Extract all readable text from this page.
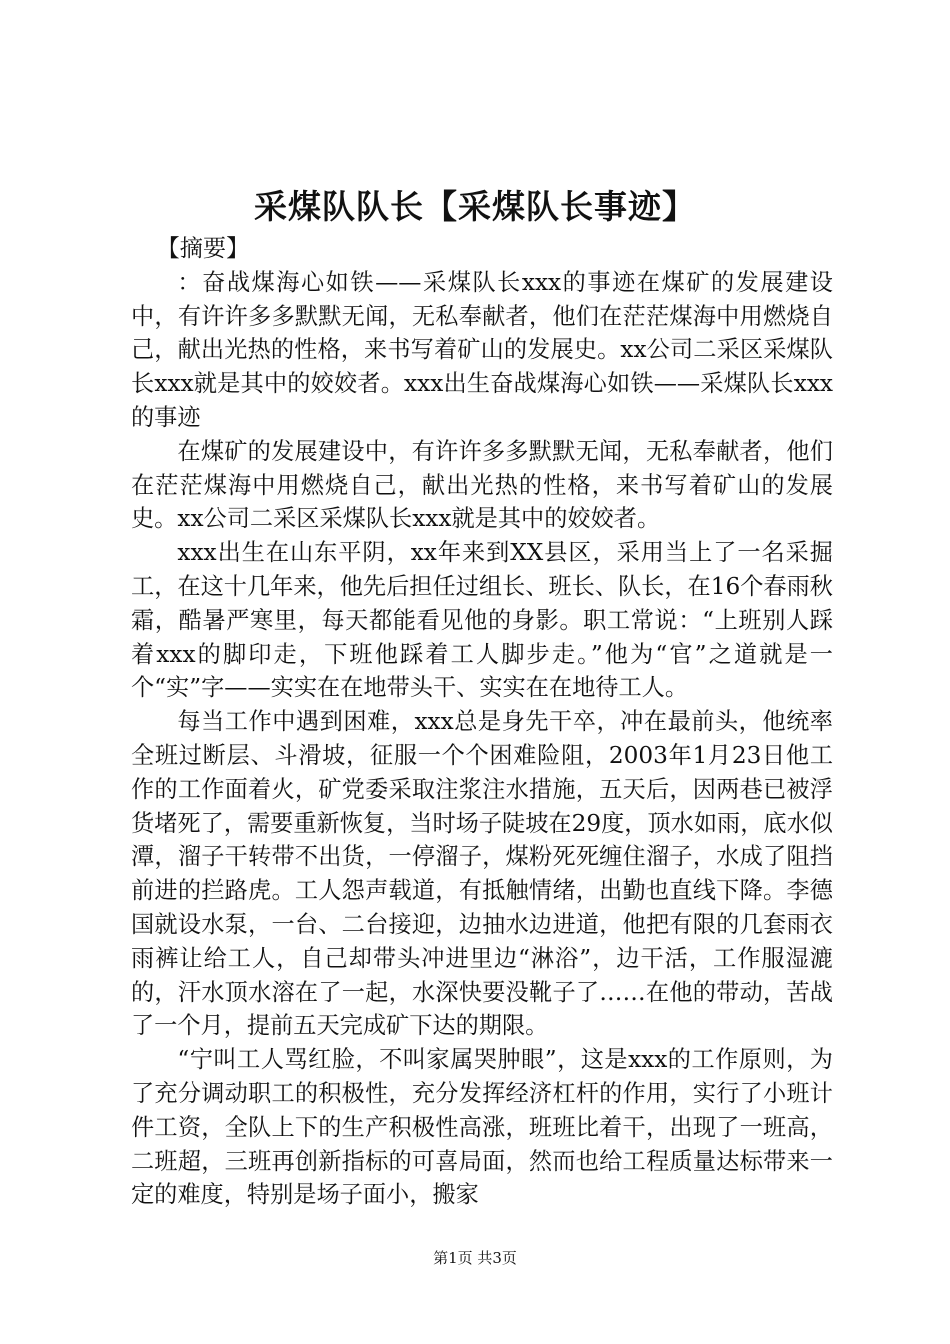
采煤队队长【采煤队长事迹】

【摘要】

：奋战煤海心如铁——采煤队长xxx的事迹在煤矿的发展建设中，有许许多多默默无闻，无私奉献者，他们在茫茫煤海中用燃烧自己，献出光热的性格，来书写着矿山的发展史。xx公司二采区采煤队长xxx就是其中的姣姣者。xxx出生奋战煤海心如铁——采煤队长xxx的事迹

在煤矿的发展建设中，有许许多多默默无闻，无私奉献者，他们在茫茫煤海中用燃烧自己，献出光热的性格，来书写着矿山的发展史。xx公司二采区采煤队长xxx就是其中的姣姣者。

xxx出生在山东平阴，xx年来到XX县区，采用当上了一名采掘工，在这十几年来，他先后担任过组长、班长、队长，在16个春雨秋霜，酷暑严寒里，每天都能看见他的身影。职工常说：“上班别人踩着xxx的脚印走，下班他踩着工人脚步走。”他为“官”之道就是一个“实”字——实实在在地带头干、实实在在地待工人。

每当工作中遇到困难，xxx总是身先干卒，冲在最前头，他统率全班过断层、斗滑坡，征服一个个困难险阻，2003年1月23日他工作的工作面着火，矿党委采取注浆注水措施，五天后，因两巷已被浮货堵死了，需要重新恢复，当时场子陡坡在29度，顶水如雨，底水似潭，溜子干转带不出货，一停溜子，煤粉死死缠住溜子，水成了阻挡前进的拦路虎。工人怨声载道，有抵触情绪，出勤也直线下降。李德国就设水泵，一台、二台接迎，边抽水边进道，他把有限的几套雨衣雨裤让给工人，自己却带头冲进里边“淋浴”，边干活，工作服湿漉的，汗水顶水溶在了一起，水深快要没靴子了……在他的带动，苦战了一个月，提前五天完成矿下达的期限。

“宁叫工人骂红脸，不叫家属哭肿眼”，这是xxx的工作原则，为了充分调动职工的积极性，充分发挥经济杠杆的作用，实行了小班计件工资，全队上下的生产积极性高涨，班班比着干，出现了一班高，二班超，三班再创新指标的可喜局面，然而也给工程质量达标带来一定的难度，特别是场子面小，搬家

第1页 共3页
